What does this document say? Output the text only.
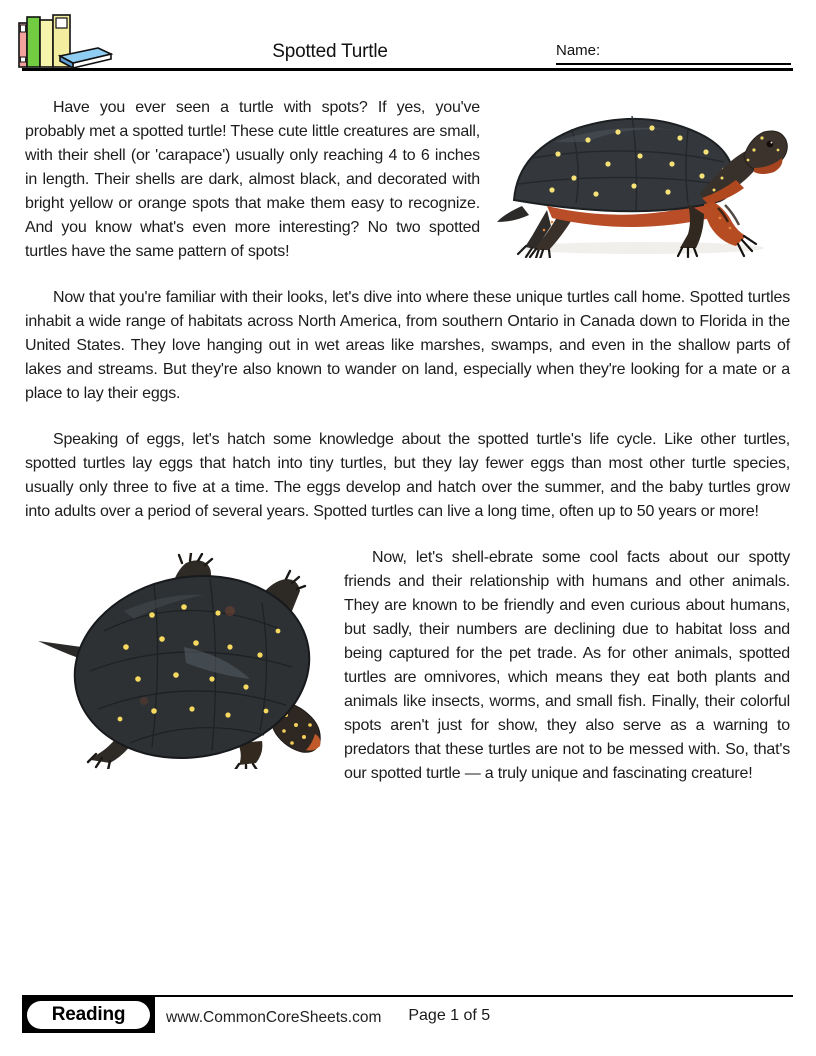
Spotted Turtle	Name:

Have you ever seen a turtle with spots? If yes, you've probably met a spotted turtle! These cute little creatures are small, with their shell (or 'carapace') usually only reaching 4 to 6 inches in length. Their shells are dark, almost black, and decorated with bright yellow or orange spots that make them easy to recognize. And you know what's even more interesting? No two spotted turtles have the same pattern of spots!

Now that you're familiar with their looks, let's dive into where these unique turtles call home. Spotted turtles inhabit a wide range of habitats across North America, from southern Ontario in Canada down to Florida in the United States. They love hanging out in wet areas like marshes, swamps, and even in the shallow parts of lakes and streams. But they're also known to wander on land, especially when they're looking for a mate or a place to lay their eggs.

Speaking of eggs, let's hatch some knowledge about the spotted turtle's life cycle. Like other turtles, spotted turtles lay eggs that hatch into tiny turtles, but they lay fewer eggs than most other turtle species, usually only three to five at a time. The eggs develop and hatch over the summer, and the baby turtles grow into adults over a period of several years. Spotted turtles can live a long time, often up to 50 years or more!

Now, let's shell-ebrate some cool facts about our spotty friends and their relationship with humans and other animals. They are known to be friendly and even curious about humans, but sadly, their numbers are declining due to habitat loss and being captured for the pet trade. As for other animals, spotted turtles are omnivores, which means they eat both plants and animals like insects, worms, and small fish. Finally, their colorful spots aren't just for show, they also serve as a warning to predators that these turtles are not to be messed with. So, that's our spotted turtle — a truly unique and fascinating creature!

Reading	www.CommonCoreSheets.com Page 1 of 5
